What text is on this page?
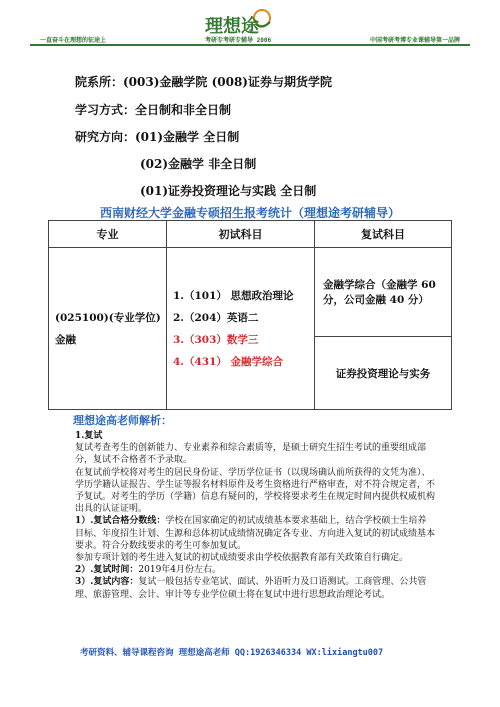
一直奋斗在理想的征途上	考研专考研专辅导 2006	中国考研考博专业课辅导第一品牌
理想途
院系所：(003)金融学院 (008)证券与期货学院
学习方式：全日制和非全日制
研究方向：(01)金融学 全日制
(02)金融学 非全日制
(01)证券投资理论与实践 全日制
西南财经大学金融专硕招生报考统计（理想途考研辅导）
专业	初试科目	复试科目
(025100)(专业学位)金融	1.（101） 思想政治理论
2.（204）英语二
3.（303）数学三
4.（431） 金融学综合	金融学综合（金融学 60 分，公司金融 40 分）
		证券投资理论与实务
理想途高老师解析：
1.复试
复试考查考生的创新能力、专业素养和综合素质等，是硕士研究生招生考试的重要组成部分，复试不合格者不予录取。
在复试前学校将对考生的居民身份证、学历学位证书（以现场确认前所获得的文凭为准）、学历学籍认证报告、学生证等报名材料原件及考生资格进行严格审查，对不符合规定者，不予复试。对考生的学历（学籍）信息有疑问的，学校将要求考生在规定时间内提供权威机构出具的认证证明。
1）.复试合格分数线：学校在国家确定的初试成绩基本要求基础上，结合学校硕士生培养目标、年度招生计划、生源和总体初试成绩情况确定各专业、方向进入复试的初试成绩基本要求。符合分数线要求的考生可参加复试。
参加专项计划的考生进入复试的初试成绩要求由学校依据教育部有关政策自行确定。
2）.复试时间：2019年4月份左右。
3）.复试内容：复试一般包括专业笔试、面试、外语听力及口语测试。工商管理、公共管理、旅游管理、会计、审计等专业学位硕士将在复试中进行思想政治理论考试。
考研资料、辅导课程咨询 理想途高老师 QQ:1926346334 WX:lixiangtu007
